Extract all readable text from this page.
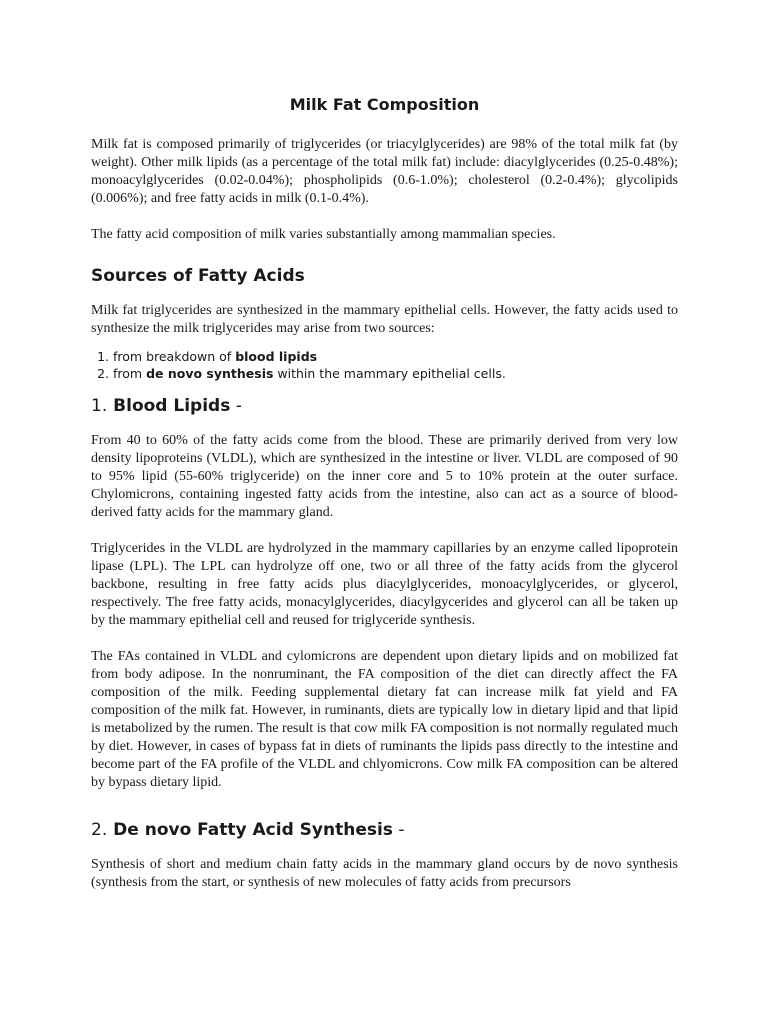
Milk Fat Composition

Milk fat is composed primarily of triglycerides (or triacylglycerides) are 98% of the total milk fat (by weight). Other milk lipids (as a percentage of the total milk fat) include: diacylglycerides (0.25-0.48%); monoacylglycerides (0.02-0.04%); phospholipids (0.6-1.0%); cholesterol (0.2-0.4%); glycolipids (0.006%); and free fatty acids in milk (0.1-0.4%).

The fatty acid composition of milk varies substantially among mammalian species.

Sources of Fatty Acids

Milk fat triglycerides are synthesized in the mammary epithelial cells. However, the fatty acids used to synthesize the milk triglycerides may arise from two sources:

1. from breakdown of blood lipids
2. from de novo synthesis within the mammary epithelial cells.
1. Blood Lipids -

From 40 to 60% of the fatty acids come from the blood. These are primarily derived from very low density lipoproteins (VLDL), which are synthesized in the intestine or liver. VLDL are composed of 90 to 95% lipid (55-60% triglyceride) on the inner core and 5 to 10% protein at the outer surface. Chylomicrons, containing ingested fatty acids from the intestine, also can act as a source of blood-derived fatty acids for the mammary gland.

Triglycerides in the VLDL are hydrolyzed in the mammary capillaries by an enzyme called lipoprotein lipase (LPL). The LPL can hydrolyze off one, two or all three of the fatty acids from the glycerol backbone, resulting in free fatty acids plus diacylglycerides, monoacylglycerides, or glycerol, respectively. The free fatty acids, monacylglycerides, diacylgycerides and glycerol can all be taken up by the mammary epithelial cell and reused for triglyceride synthesis.

The FAs contained in VLDL and cylomicrons are dependent upon dietary lipids and on mobilized fat from body adipose. In the nonruminant, the FA composition of the diet can directly affect the FA composition of the milk. Feeding supplemental dietary fat can increase milk fat yield and FA composition of the milk fat. However, in ruminants, diets are typically low in dietary lipid and that lipid is metabolized by the rumen. The result is that cow milk FA composition is not normally regulated much by diet. However, in cases of bypass fat in diets of ruminants the lipids pass directly to the intestine and become part of the FA profile of the VLDL and chlyomicrons. Cow milk FA composition can be altered by bypass dietary lipid.

2. De novo Fatty Acid Synthesis -

Synthesis of short and medium chain fatty acids in the mammary gland occurs by de novo synthesis (synthesis from the start, or synthesis of new molecules of fatty acids from precursors
